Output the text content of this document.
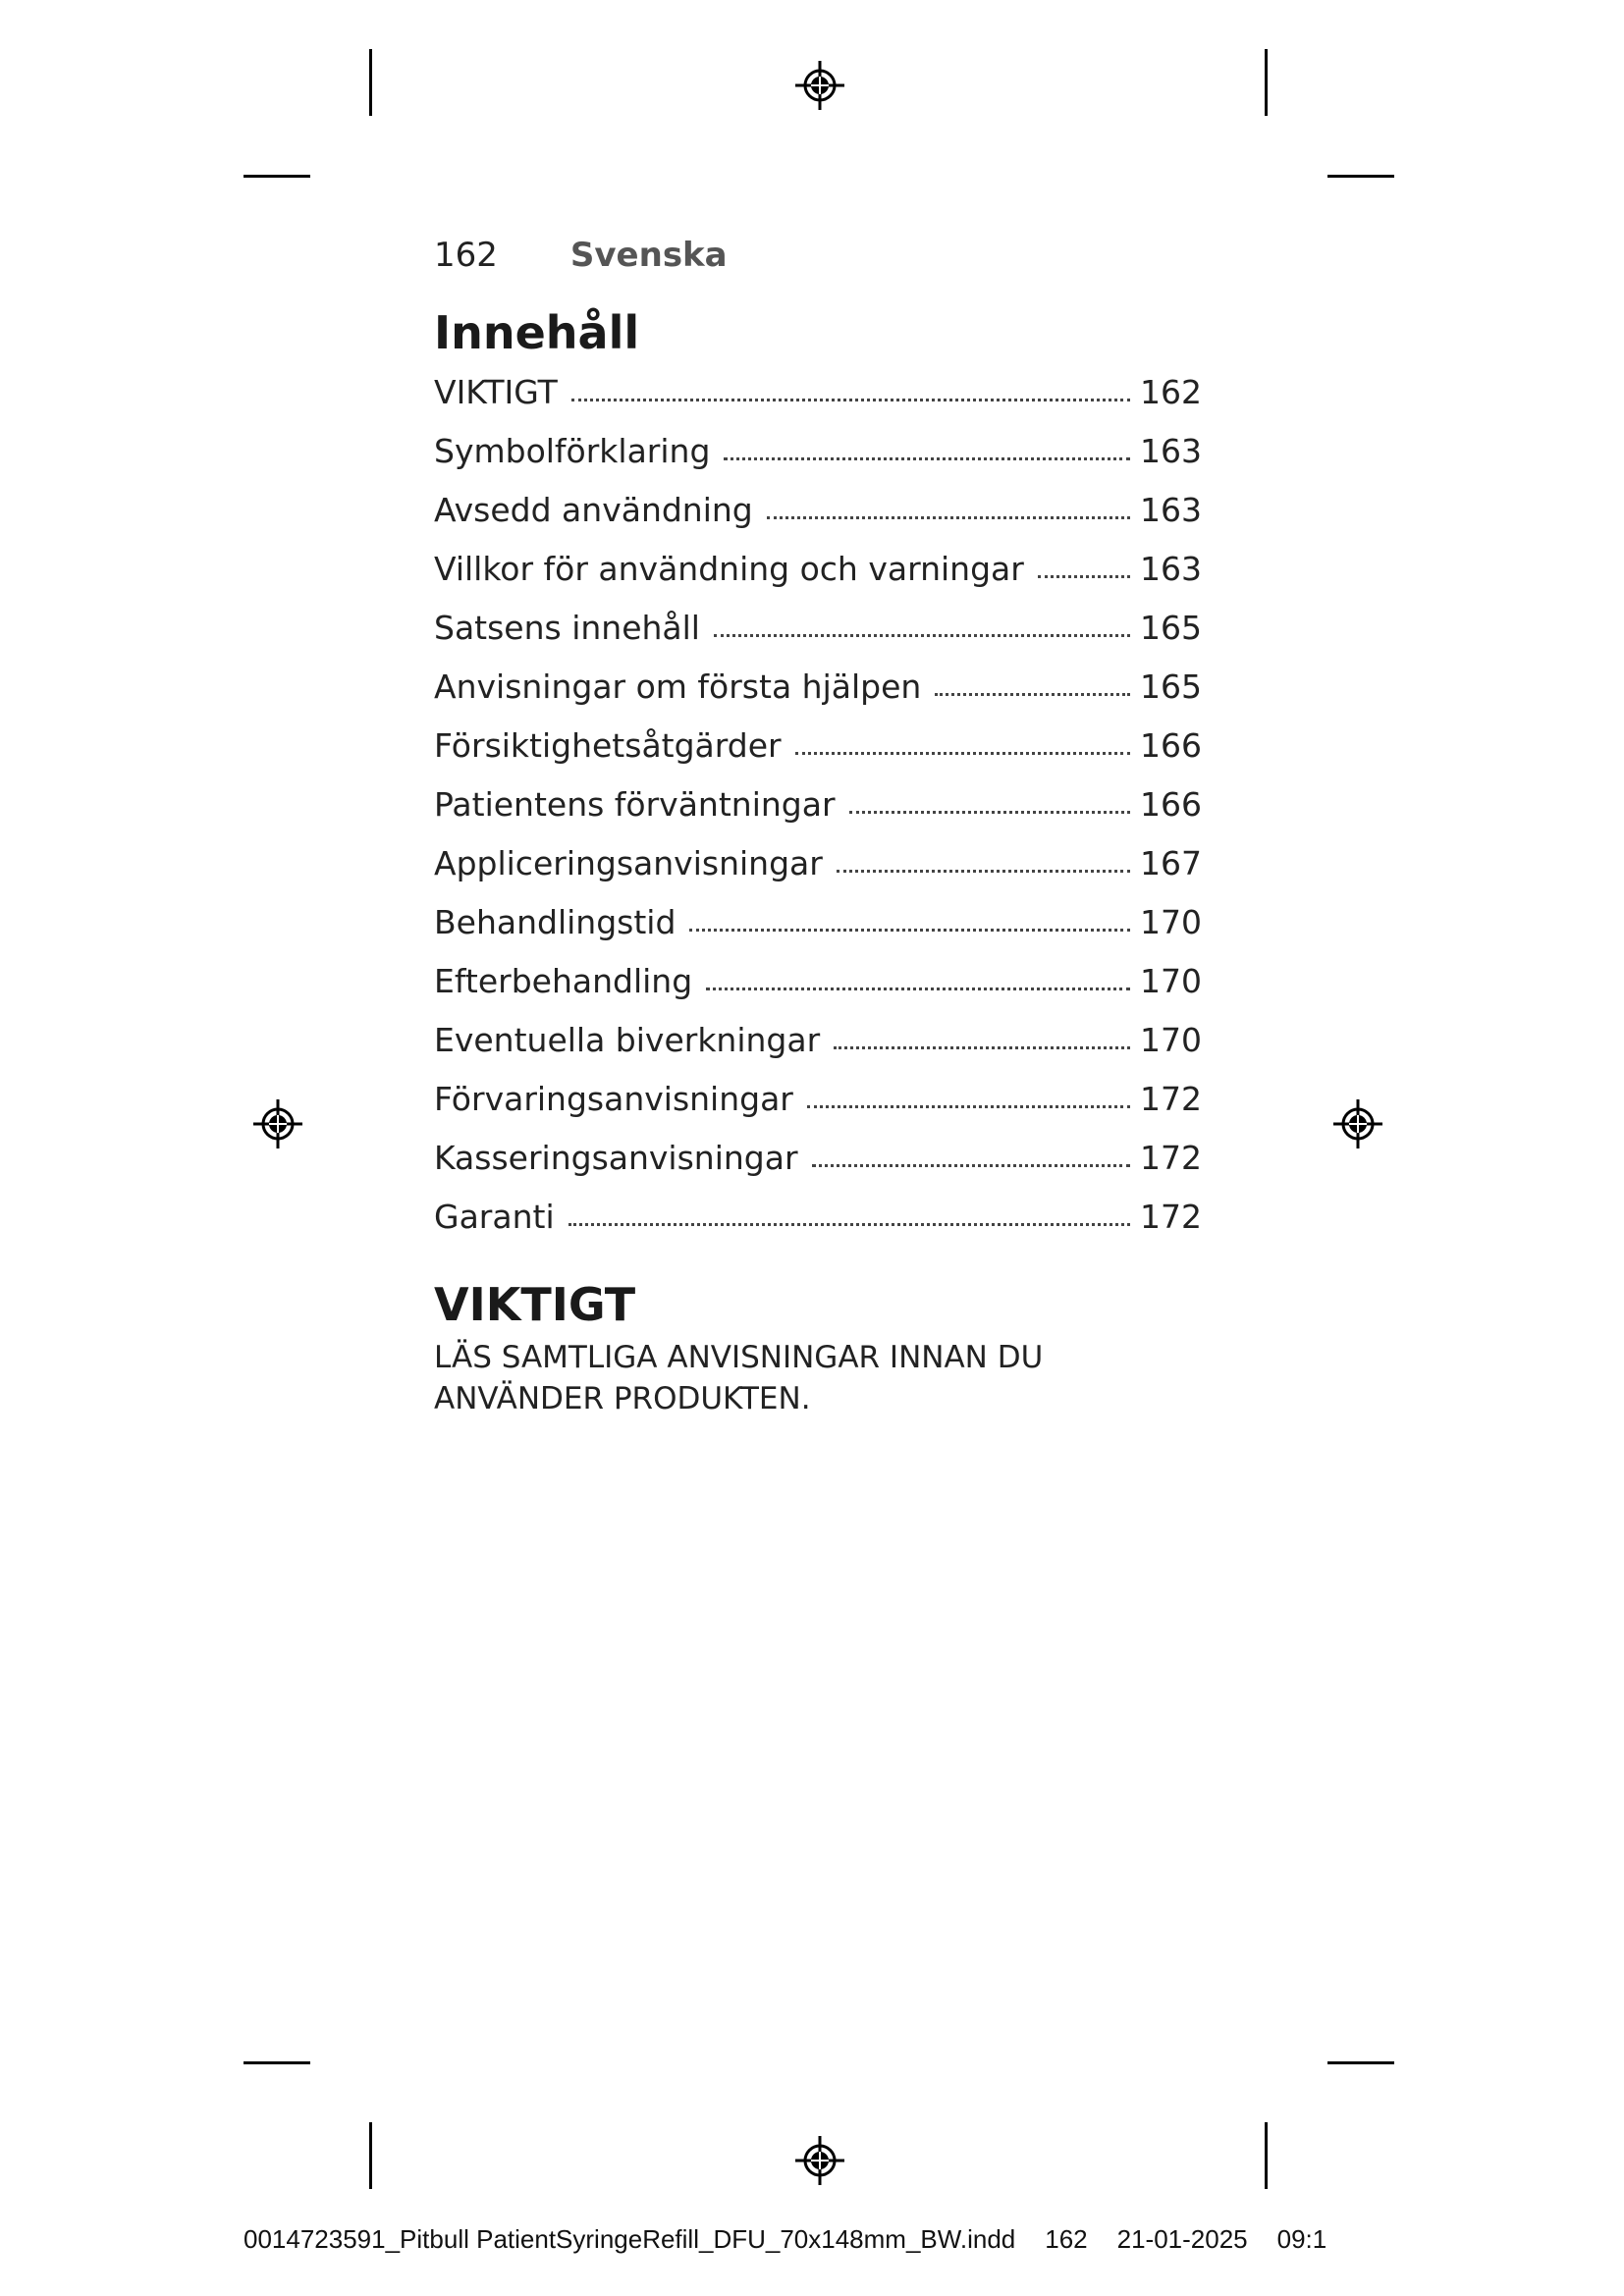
162 Svenska
Innehåll
VIKTIGT	162
Symbolförklaring	163
Avsedd användning	163
Villkor för användning och varningar	163
Satsens innehåll	165
Anvisningar om första hjälpen	165
Försiktighetsåtgärder	166
Patientens förväntningar	166
Appliceringsanvisningar	167
Behandlingstid	170
Efterbehandling	170
Eventuella biverkningar	170
Förvaringsanvisningar	172
Kasseringsanvisningar	172
Garanti	172
VIKTIGT
LÄS SAMTLIGA ANVISNINGAR INNAN DU
ANVÄNDER PRODUKTEN.
0014723591_Pitbull PatientSyringeRefill_DFU_70x148mm_BW.indd 162 21-01-2025 09:1
